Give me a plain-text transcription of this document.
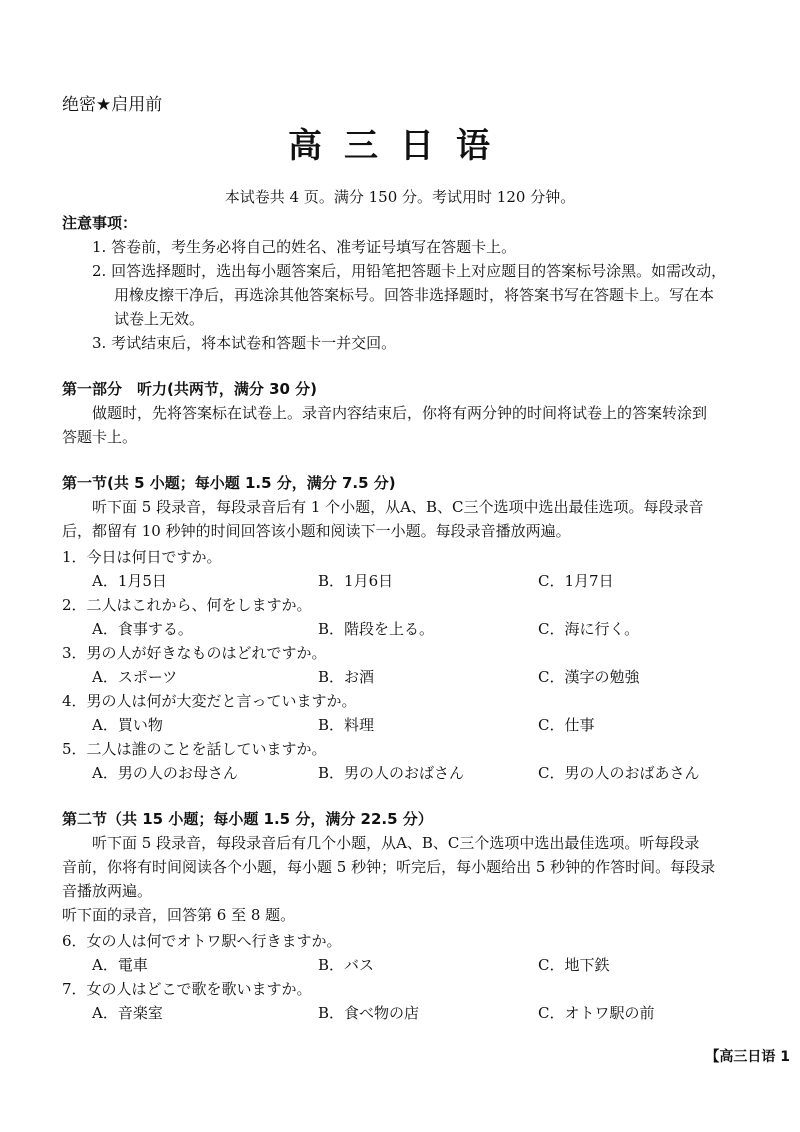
绝密★启用前
高三日语
本试卷共 4 页。满分 150 分。考试用时 120 分钟。
注意事项：
1. 答卷前，考生务必将自己的姓名、准考证号填写在答题卡上。
2. 回答选择题时，选出每小题答案后，用铅笔把答题卡上对应题目的答案标号涂黑。如需改动，
用橡皮擦干净后，再选涂其他答案标号。回答非选择题时，将答案书写在答题卡上。写在本
试卷上无效。
3. 考试结束后，将本试卷和答题卡一并交回。
第一部分　听力(共两节，满分 30 分)
做题时，先将答案标在试卷上。录音内容结束后，你将有两分钟的时间将试卷上的答案转涂到
答题卡上。
第一节(共 5 小题；每小题 1.5 分，满分 7.5 分)
听下面 5 段录音，每段录音后有 1 个小题，从A、B、C三个选项中选出最佳选项。每段录音
后，都留有 10 秒钟的时间回答该小题和阅读下一小题。每段录音播放两遍。
1．今日は何日ですか。
A．1月5日	B．1月6日	C．1月7日
2．二人はこれから、何をしますか。
A．食事する。	B．階段を上る。	C．海に行く。
3．男の人が好きなものはどれですか。
A．スポーツ	B．お酒	C．漢字の勉強
4．男の人は何が大変だと言っていますか。
A．買い物	B．料理	C．仕事
5．二人は誰のことを話していますか。
A．男の人のお母さん	B．男の人のおばさん	C．男の人のおばあさん
第二节（共 15 小题；每小题 1.5 分，满分 22.5 分）
听下面 5 段录音，每段录音后有几个小题，从A、B、C三个选项中选出最佳选项。听每段录
音前，你将有时间阅读各个小题，每小题 5 秒钟；听完后，每小题给出 5 秒钟的作答时间。每段录
音播放两遍。
听下面的录音，回答第 6 至 8 题。
6．女の人は何でオトワ駅へ行きますか。
A．電車	B．バス	C．地下鉄
7．女の人はどこで歌を歌いますか。
A．音楽室	B．食べ物の店	C．オトワ駅の前
【高三日语 1
